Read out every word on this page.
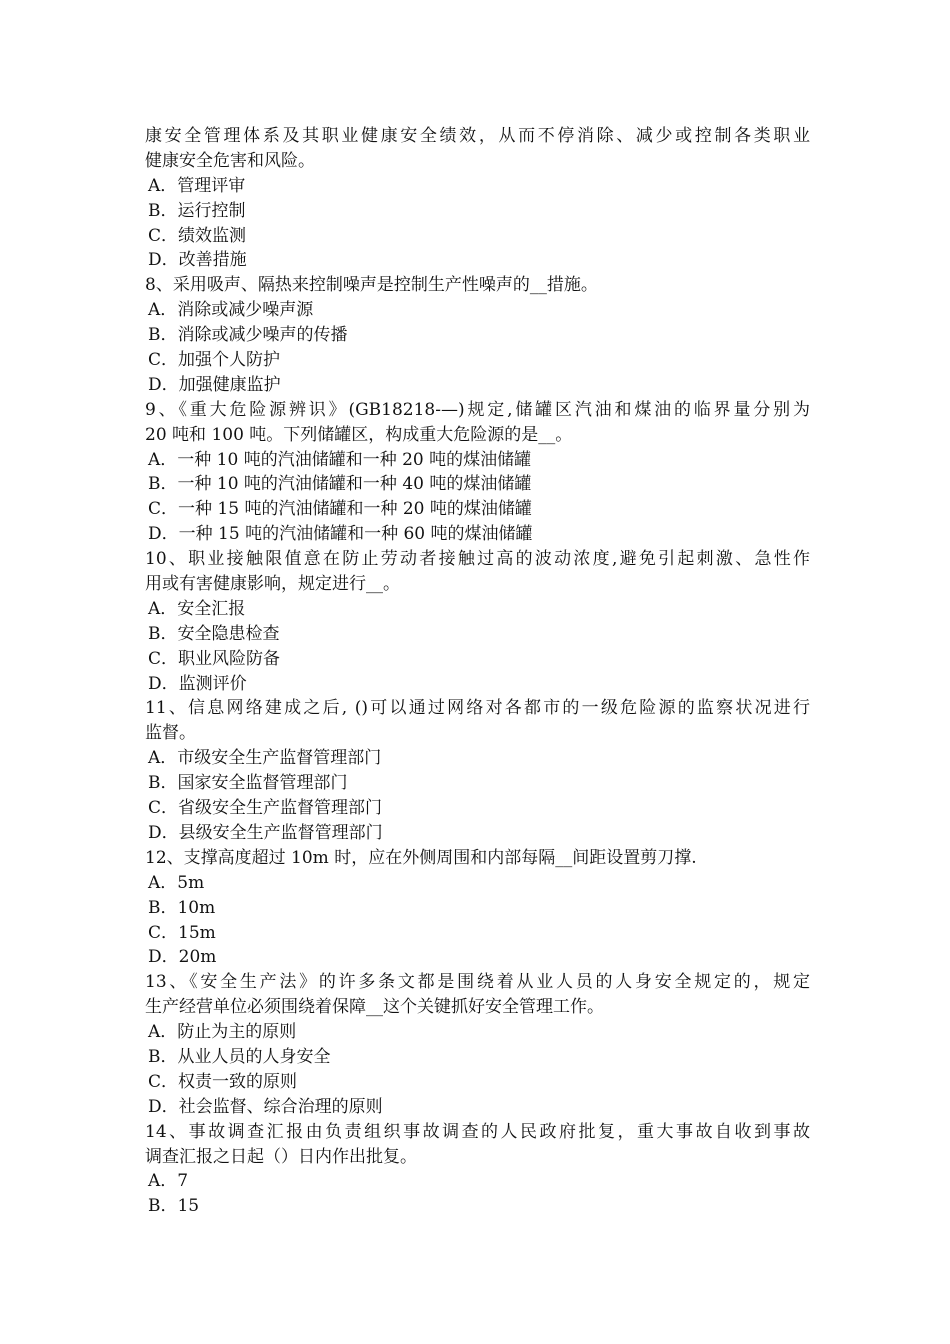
康安全管理体系及其职业健康安全绩效，从而不停消除、减少或控制各类职业
健康安全危害和风险。
A．管理评审
B．运行控制
C．绩效监测
D．改善措施
8、采用吸声、隔热来控制噪声是控制生产性噪声的__措施。
A．消除或减少噪声源
B．消除或减少噪声的传播
C．加强个人防护
D．加强健康监护
9、《重大危险源辨识》(GB18218-—)规定,储罐区汽油和煤油的临界量分别为
20 吨和 100 吨。下列储罐区，构成重大危险源的是__。
A．一种 10 吨的汽油储罐和一种 20 吨的煤油储罐
B．一种 10 吨的汽油储罐和一种 40 吨的煤油储罐
C．一种 15 吨的汽油储罐和一种 20 吨的煤油储罐
D．一种 15 吨的汽油储罐和一种 60 吨的煤油储罐
10、职业接触限值意在防止劳动者接触过高的波动浓度,避免引起刺激、急性作
用或有害健康影响，规定进行__。
A．安全汇报
B．安全隐患检查
C．职业风险防备
D．监测评价
11、信息网络建成之后, ()可以通过网络对各都市的一级危险源的监察状况进行
监督。
A．市级安全生产监督管理部门
B．国家安全监督管理部门
C．省级安全生产监督管理部门
D．县级安全生产监督管理部门
12、支撑高度超过 10m 时，应在外侧周围和内部每隔__间距设置剪刀撑.
A．5m
B．10m
C．15m
D．20m
13、《安全生产法》的许多条文都是围绕着从业人员的人身安全规定的，规定
生产经营单位必须围绕着保障__这个关键抓好安全管理工作。
A．防止为主的原则
B．从业人员的人身安全
C．权责一致的原则
D．社会监督、综合治理的原则
14、事故调查汇报由负责组织事故调查的人民政府批复，重大事故自收到事故
调查汇报之日起（）日内作出批复。
A．7
B．15
